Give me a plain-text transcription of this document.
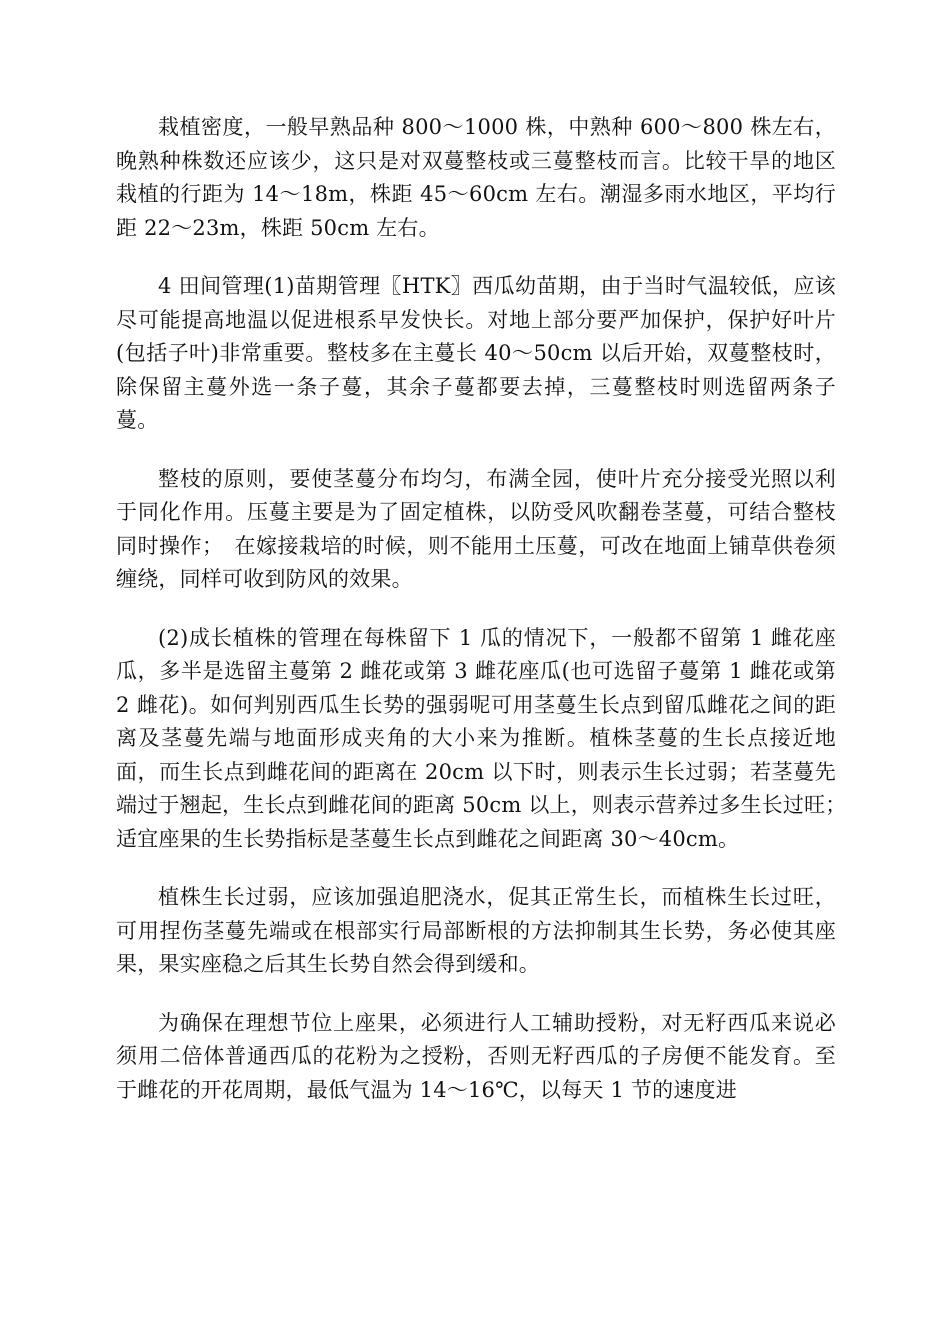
栽植密度，一般早熟品种 800～1000 株，中熟种 600～800 株左右，晚熟种株数还应该少，这只是对双蔓整枝或三蔓整枝而言。比较干旱的地区栽植的行距为 14～18m，株距 45～60cm 左右。潮湿多雨水地区，平均行距 22～23m，株距 50cm 左右。

4 田间管理(1)苗期管理〖HTK〗西瓜幼苗期，由于当时气温较低，应该尽可能提高地温以促进根系早发快长。对地上部分要严加保护，保护好叶片(包括子叶)非常重要。整枝多在主蔓长 40～50cm 以后开始，双蔓整枝时，除保留主蔓外选一条子蔓，其余子蔓都要去掉，三蔓整枝时则选留两条子蔓。

整枝的原则，要使茎蔓分布均匀，布满全园，使叶片充分接受光照以利于同化作用。压蔓主要是为了固定植株，以防受风吹翻卷茎蔓，可结合整枝同时操作；　在嫁接栽培的时候，则不能用土压蔓，可改在地面上铺草供卷须缠绕，同样可收到防风的效果。

(2)成长植株的管理在每株留下 1 瓜的情况下，一般都不留第 1 雌花座瓜，多半是选留主蔓第 2 雌花或第 3 雌花座瓜(也可选留子蔓第 1 雌花或第 2 雌花)。如何判别西瓜生长势的强弱呢可用茎蔓生长点到留瓜雌花之间的距离及茎蔓先端与地面形成夹角的大小来为推断。植株茎蔓的生长点接近地面，而生长点到雌花间的距离在 20cm 以下时，则表示生长过弱；若茎蔓先端过于翘起，生长点到雌花间的距离 50cm 以上，则表示营养过多生长过旺；　适宜座果的生长势指标是茎蔓生长点到雌花之间距离 30～40cm。

植株生长过弱，应该加强追肥浇水，促其正常生长，而植株生长过旺，可用捏伤茎蔓先端或在根部实行局部断根的方法抑制其生长势，务必使其座果，果实座稳之后其生长势自然会得到缓和。

为确保在理想节位上座果，必须进行人工辅助授粉，对无籽西瓜来说必须用二倍体普通西瓜的花粉为之授粉，否则无籽西瓜的子房便不能发育。至于雌花的开花周期，最低气温为 14～16℃，以每天 1 节的速度进
